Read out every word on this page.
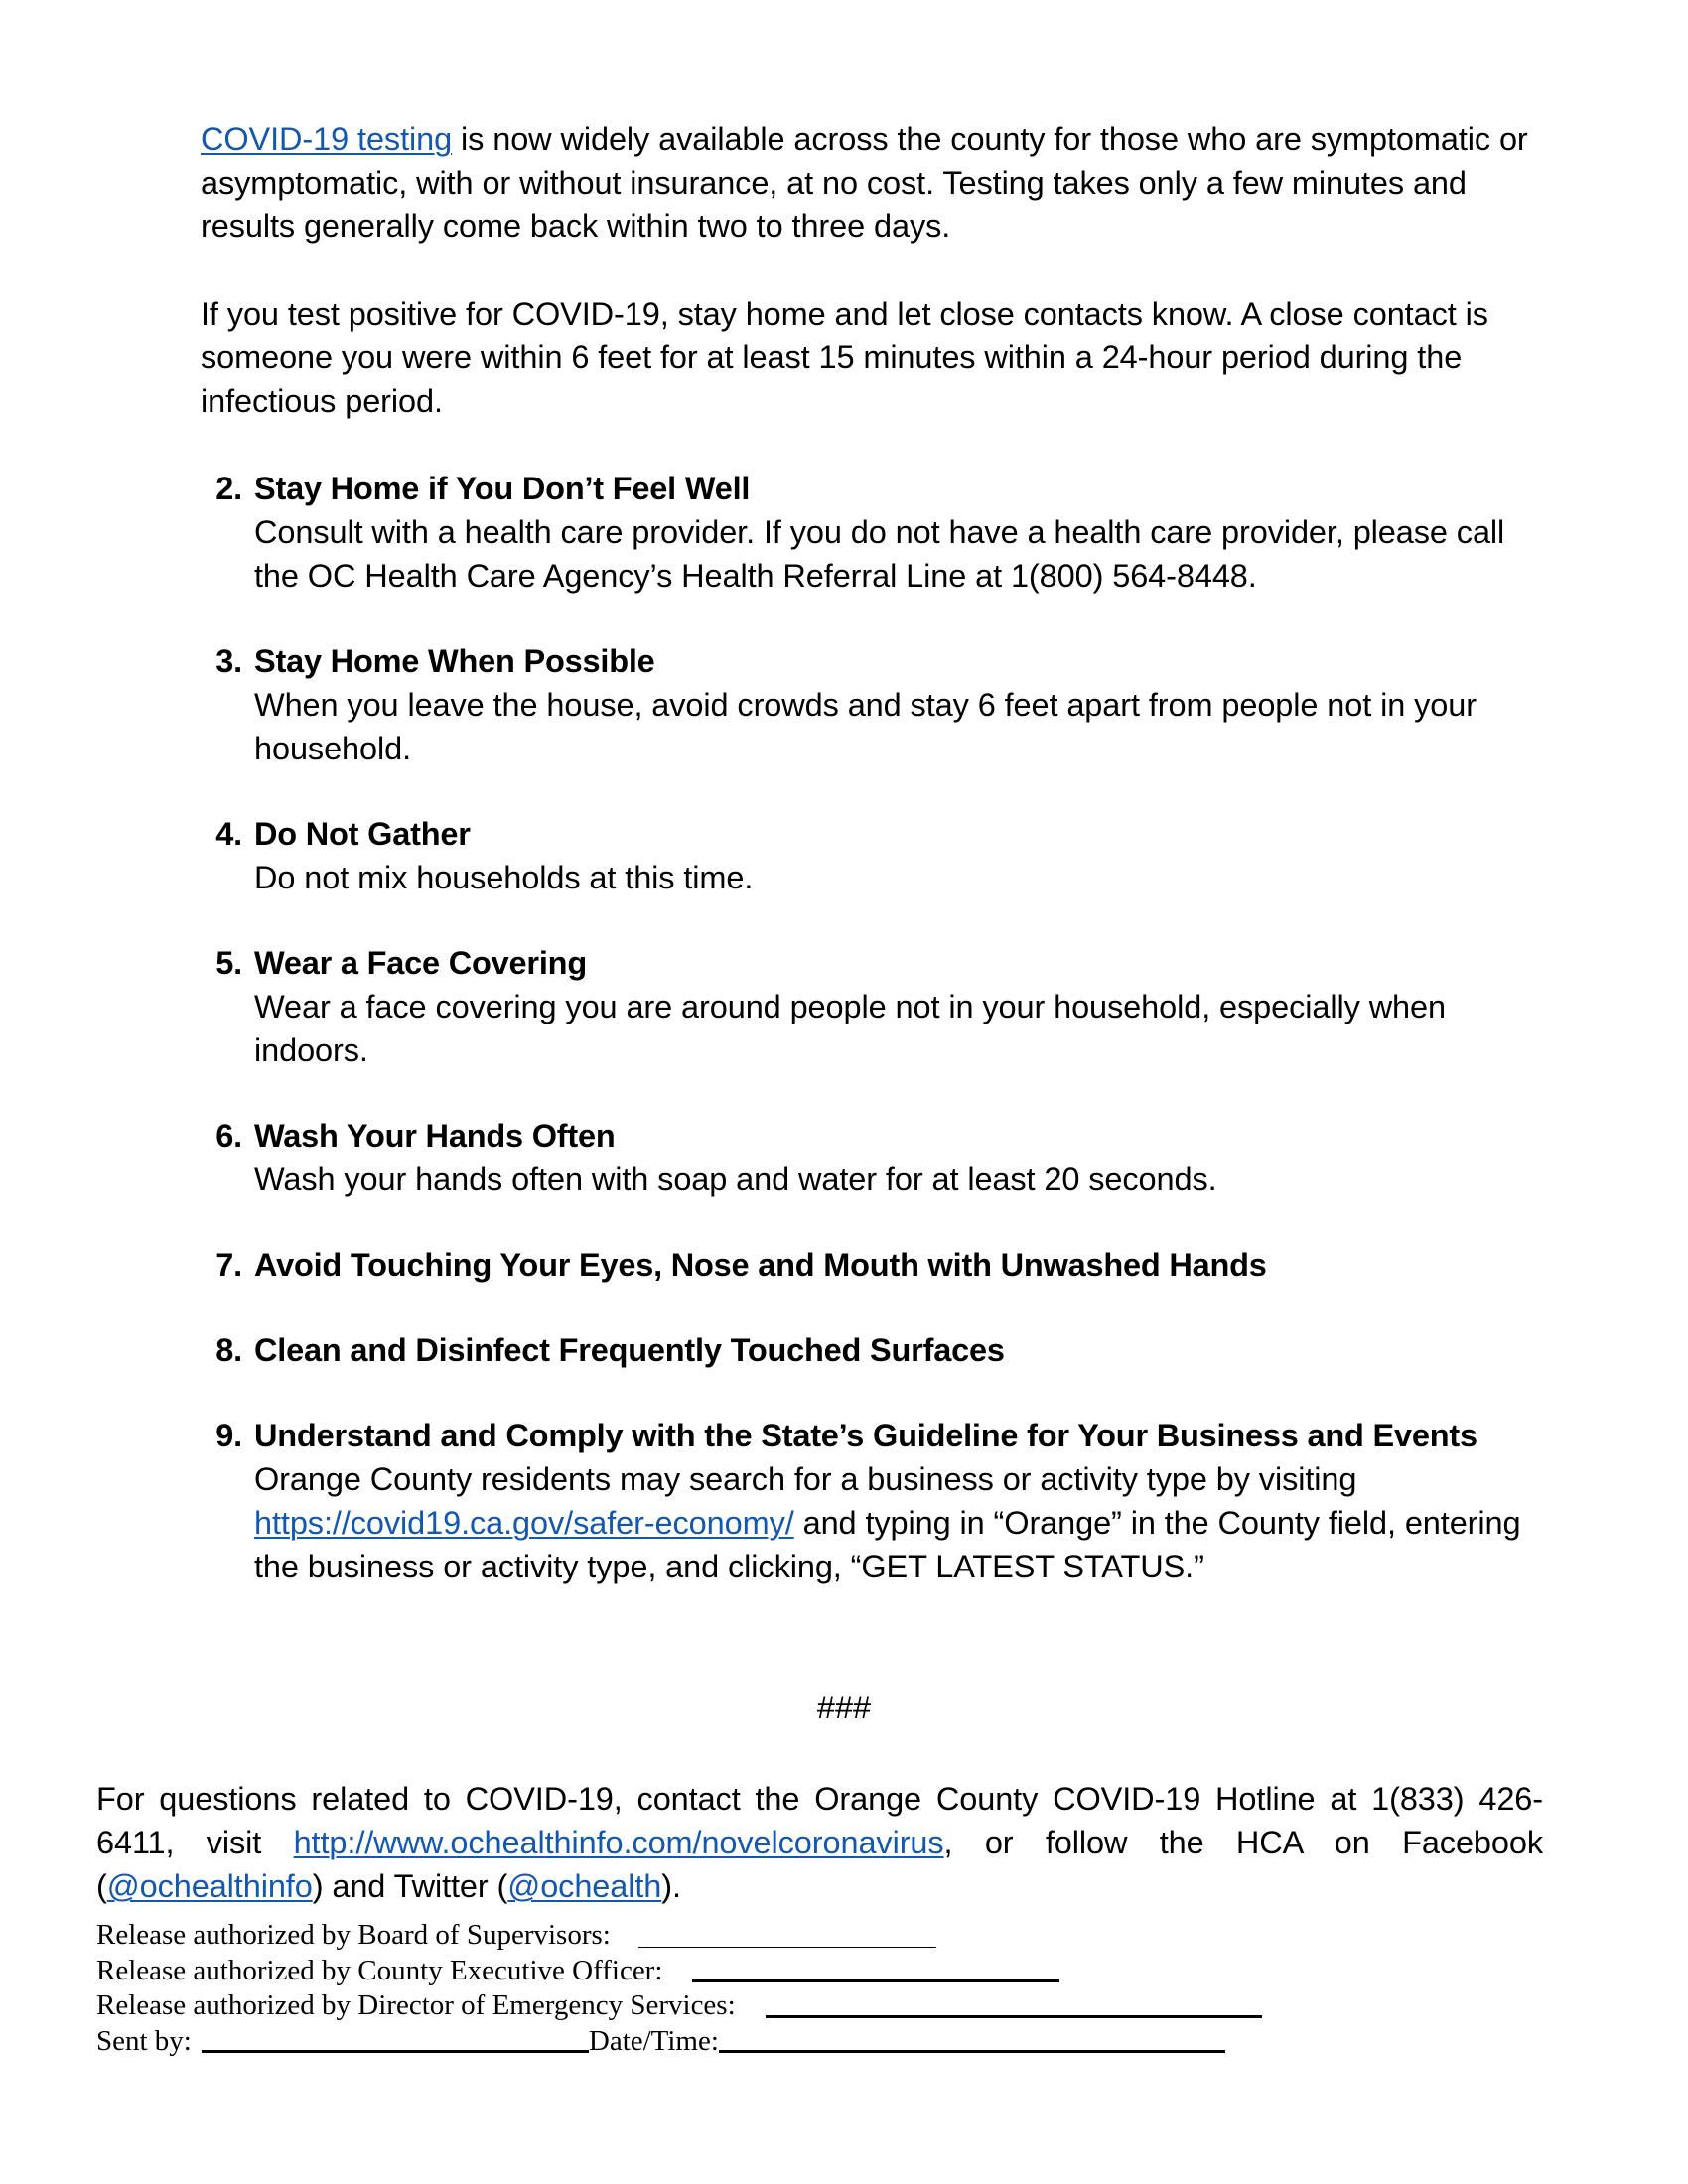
COVID-19 testing is now widely available across the county for those who are symptomatic or asymptomatic, with or without insurance, at no cost. Testing takes only a few minutes and results generally come back within two to three days.

If you test positive for COVID-19, stay home and let close contacts know. A close contact is someone you were within 6 feet for at least 15 minutes within a 24-hour period during the infectious period.

2. Stay Home if You Don’t Feel Well
Consult with a health care provider. If you do not have a health care provider, please call the OC Health Care Agency’s Health Referral Line at 1(800) 564-8448.
3. Stay Home When Possible
When you leave the house, avoid crowds and stay 6 feet apart from people not in your household.
4. Do Not Gather
Do not mix households at this time.
5. Wear a Face Covering
Wear a face covering you are around people not in your household, especially when indoors.
6. Wash Your Hands Often
Wash your hands often with soap and water for at least 20 seconds.
7. Avoid Touching Your Eyes, Nose and Mouth with Unwashed Hands
8. Clean and Disinfect Frequently Touched Surfaces
9. Understand and Comply with the State’s Guideline for Your Business and Events
Orange County residents may search for a business or activity type by visiting https://covid19.ca.gov/safer-economy/ and typing in “Orange” in the County field, entering the business or activity type, and clicking, “GET LATEST STATUS.”
###
For questions related to COVID-19, contact the Orange County COVID-19 Hotline at 1(833) 426-6411, visit http://www.ochealthinfo.com/novelcoronavirus, or follow the HCA on Facebook (@ochealthinfo) and Twitter (@ochealth).
Release authorized by Board of Supervisors:
Release authorized by County Executive Officer:
Release authorized by Director of Emergency Services:
Sent by:	Date/Time:
